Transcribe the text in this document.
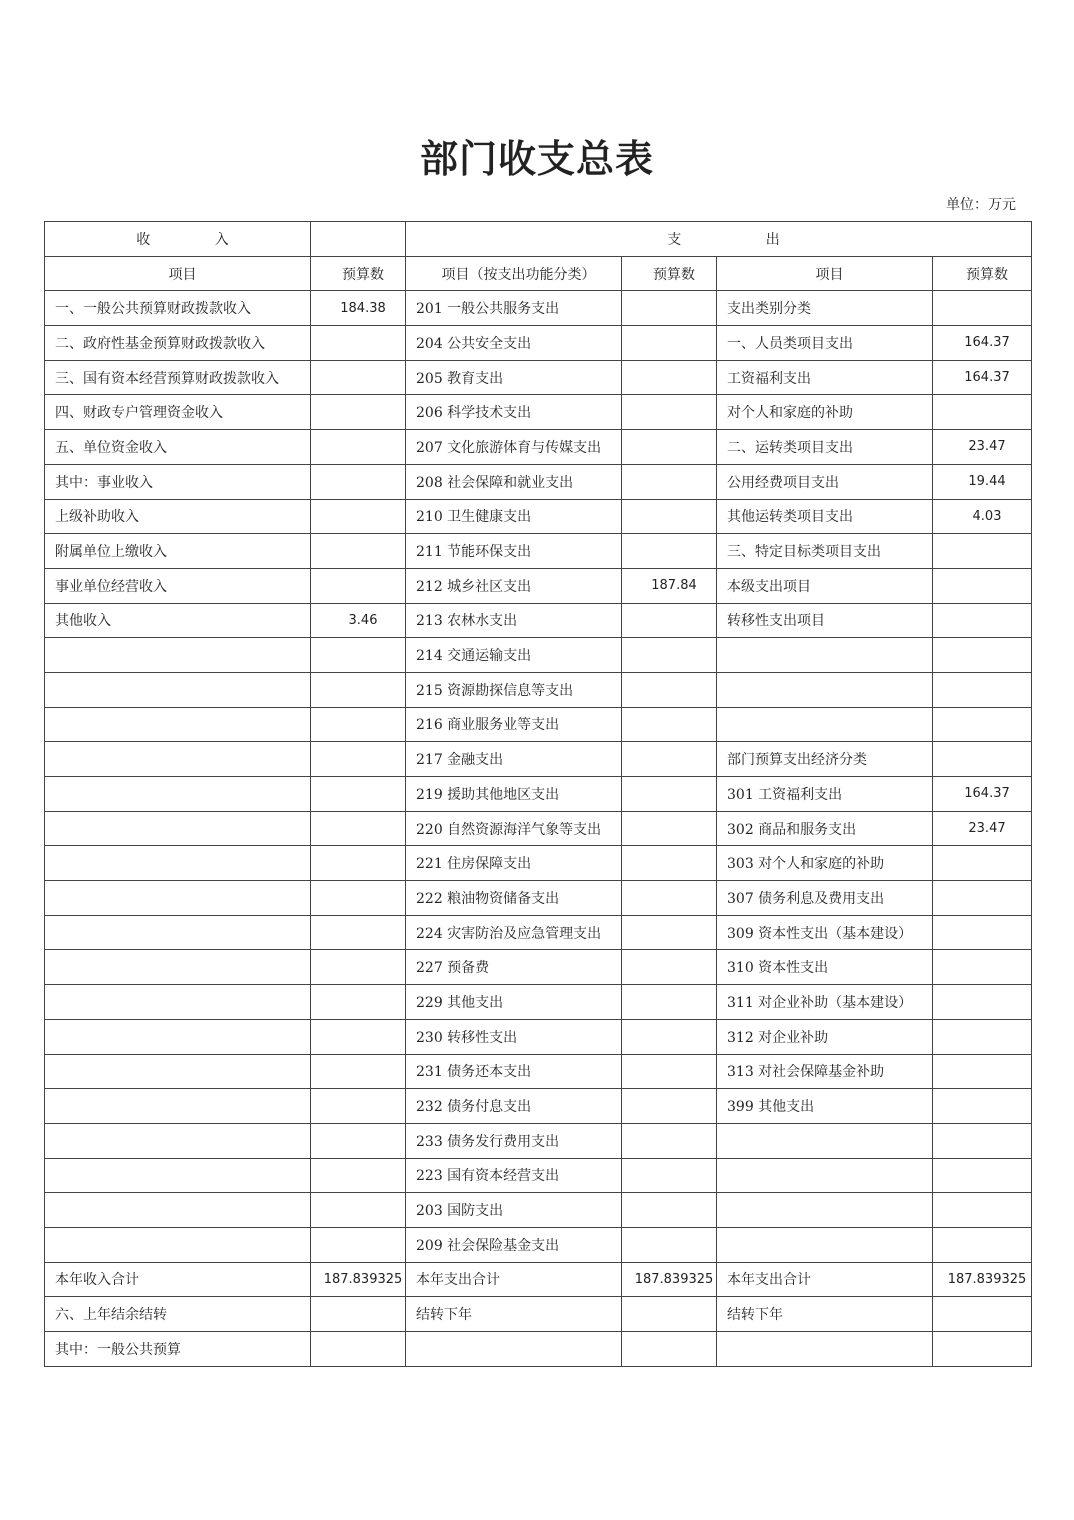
部门收支总表
单位：万元
收 入		支 出			
项目	预算数	项目（按支出功能分类）	预算数	项目	预算数
一、一般公共预算财政拨款收入	184.38	201 一般公共服务支出		支出类别分类	
二、政府性基金预算财政拨款收入		204 公共安全支出		一、人员类项目支出	164.37
三、国有资本经营预算财政拨款收入		205 教育支出		工资福利支出	164.37
四、财政专户管理资金收入		206 科学技术支出		对个人和家庭的补助	
五、单位资金收入		207 文化旅游体育与传媒支出		二、运转类项目支出	23.47
其中：事业收入		208 社会保障和就业支出		公用经费项目支出	19.44
上级补助收入		210 卫生健康支出		其他运转类项目支出	4.03
附属单位上缴收入		211 节能环保支出		三、特定目标类项目支出	
事业单位经营收入		212 城乡社区支出	187.84	本级支出项目	
其他收入	3.46	213 农林水支出		转移性支出项目	
		214 交通运输支出			
		215 资源勘探信息等支出			
		216 商业服务业等支出			
		217 金融支出		部门预算支出经济分类	
		219 援助其他地区支出		301 工资福利支出	164.37
		220 自然资源海洋气象等支出		302 商品和服务支出	23.47
		221 住房保障支出		303 对个人和家庭的补助	
		222 粮油物资储备支出		307 债务利息及费用支出	
		224 灾害防治及应急管理支出		309 资本性支出（基本建设）	
		227 预备费		310 资本性支出	
		229 其他支出		311 对企业补助（基本建设）	
		230 转移性支出		312 对企业补助	
		231 债务还本支出		313 对社会保障基金补助	
		232 债务付息支出		399 其他支出	
		233 债务发行费用支出			
		223 国有资本经营支出			
		203 国防支出			
		209 社会保险基金支出			
本年收入合计	187.839325	本年支出合计	187.839325	本年支出合计	187.839325
六、上年结余结转		结转下年		结转下年	
其中：一般公共预算					
